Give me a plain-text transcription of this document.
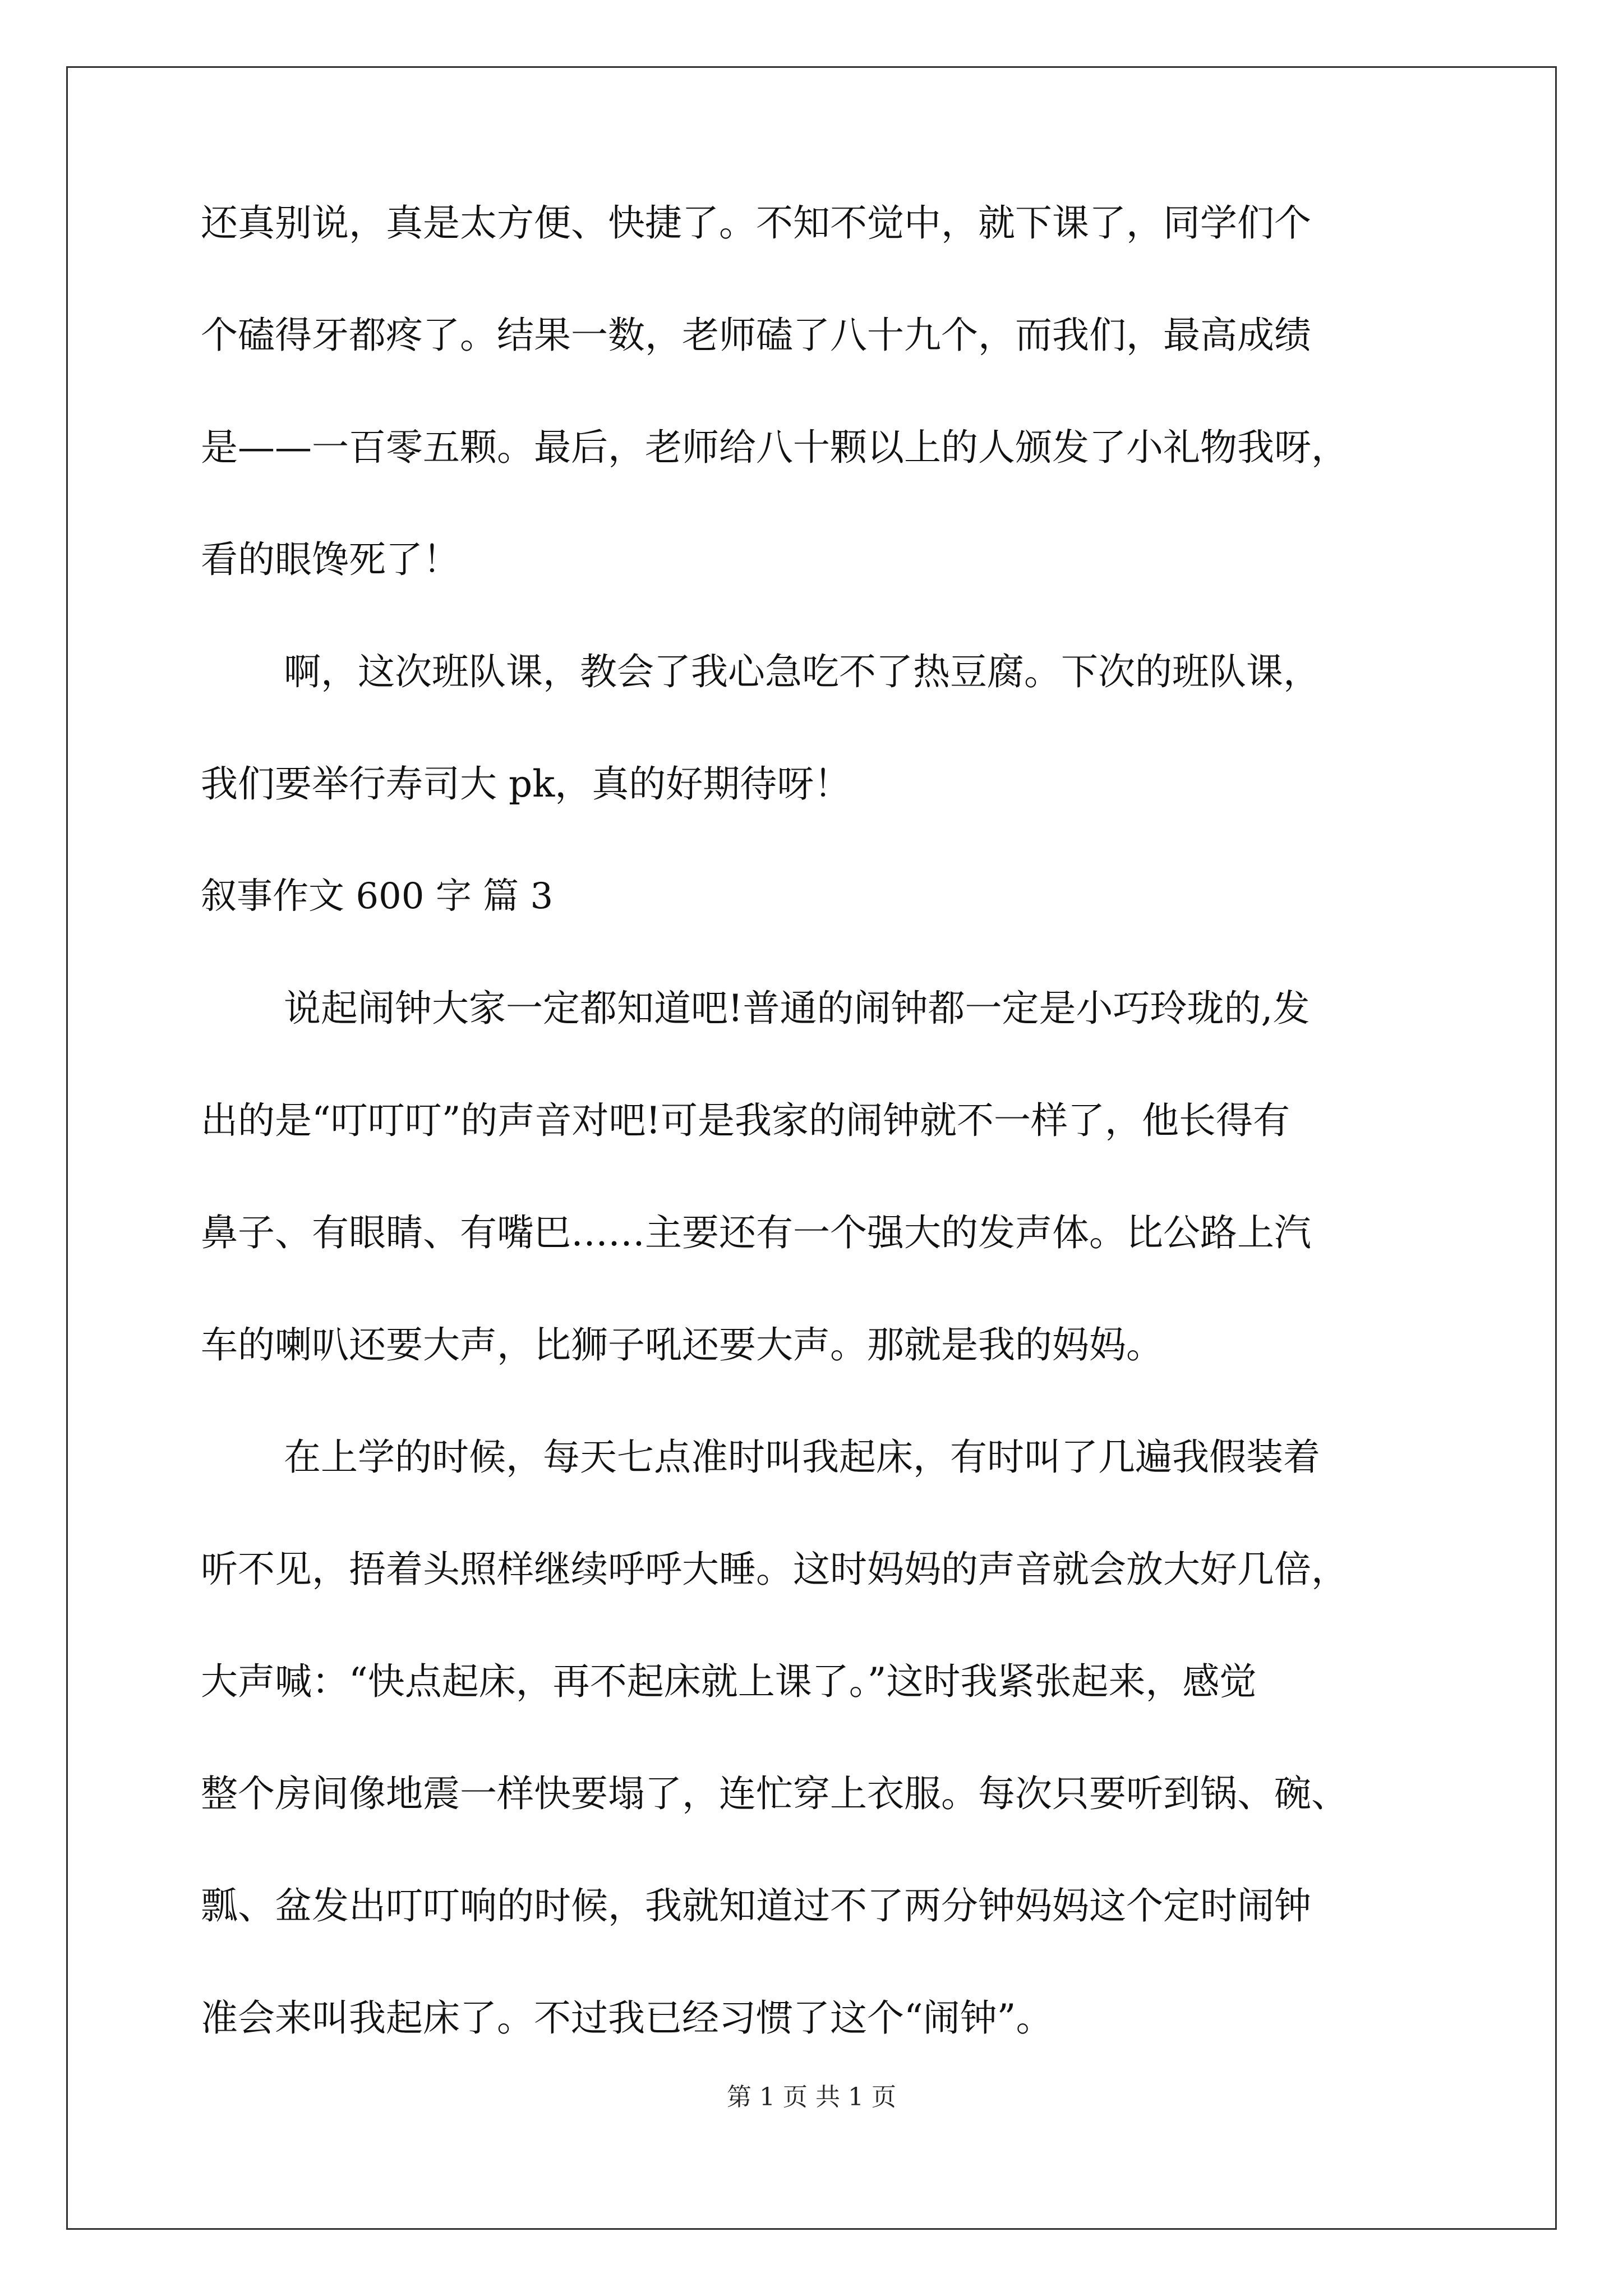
还真别说，真是太方便、快捷了。不知不觉中，就下课了，同学们个
个磕得牙都疼了。结果一数，老师磕了八十九个，而我们，最高成绩
是——一百零五颗。最后，老师给八十颗以上的人颁发了小礼物我呀，
看的眼馋死了！
啊，这次班队课，教会了我心急吃不了热豆腐。下次的班队课，
我们要举行寿司大 pk，真的好期待呀！
叙事作文 600 字 篇 3
说起闹钟大家一定都知道吧!普通的闹钟都一定是小巧玲珑的,发
出的是“叮叮叮”的声音对吧!可是我家的闹钟就不一样了，他长得有
鼻子、有眼睛、有嘴巴……主要还有一个强大的发声体。比公路上汽
车的喇叭还要大声，比狮子吼还要大声。那就是我的妈妈。
在上学的时候，每天七点准时叫我起床，有时叫了几遍我假装着
听不见，捂着头照样继续呼呼大睡。这时妈妈的声音就会放大好几倍，
大声喊：“快点起床，再不起床就上课了。”这时我紧张起来，感觉
整个房间像地震一样快要塌了，连忙穿上衣服。每次只要听到锅、碗、
瓢、盆发出叮叮响的时候，我就知道过不了两分钟妈妈这个定时闹钟
准会来叫我起床了。不过我已经习惯了这个“闹钟”。
第 1 页 共 1 页
